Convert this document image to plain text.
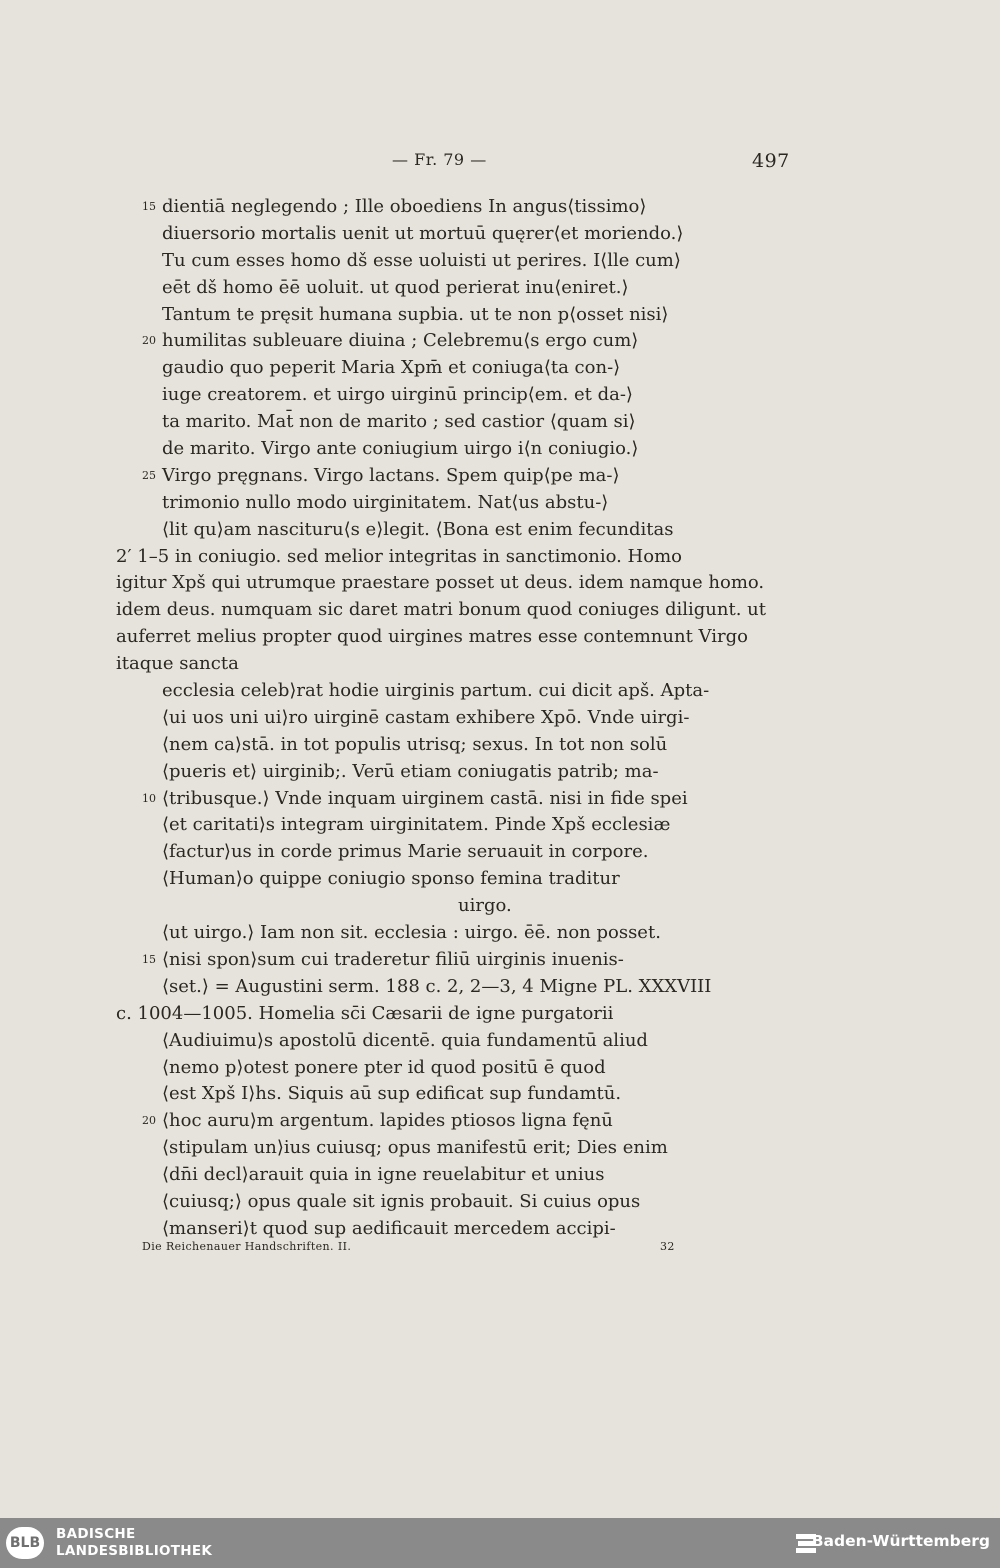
— Fr. 79 —	497
15 dientiā neglegendo ; Ille oboediens In angus⟨tissimo⟩
diuersorio mortalis uenit ut mortuū quęrer⟨et moriendo.⟩
Tu cum esses homo dš esse uoluisti ut perires. I⟨lle cum⟩
eēt dš homo ēē uoluit. ut quod perierat inu⟨eniret.⟩
Tantum te pręsit humana supbia. ut te non p⟨osset nisi⟩
20 humilitas subleuare diuina ; Celebremu⟨s ergo cum⟩
gaudio quo peperit Maria Xpm̄ et coniuga⟨ta con-⟩
iuge creatorem. et uirgo uirginū princip⟨em. et da-⟩
ta marito. Mat̄ non de marito ; sed castior ⟨quam si⟩
de marito. Virgo ante coniugium uirgo i⟨n coniugio.⟩
25 Virgo pręgnans. Virgo lactans. Spem quip⟨pe ma-⟩
trimonio nullo modo uirginitatem. Nat⟨us abstu-⟩
⟨lit qu⟩am nascituru⟨s e⟩legit. ⟨Bona est enim fecunditas
2′ 1–5 in coniugio. sed melior integritas in sanctimonio. Homo
igitur Xpš qui utrumque praestare posset ut deus. idem namque homo.
idem deus. numquam sic daret matri bonum quod coniuges diligunt. ut
auferret melius propter quod uirgines matres esse contemnunt Virgo
itaque sancta
ecclesia celeb⟩rat hodie uirginis partum. cui dicit apš. Apta-
⟨ui uos uni ui⟩ro uirginē castam exhibere Xpō. Vnde uirgi-
⟨nem ca⟩stā. in tot populis utrisq; sexus. In tot non solū
⟨pueris et⟩ uirginib;. Verū etiam coniugatis patrib; ma-
10 ⟨tribusque.⟩ Vnde inquam uirginem castā. nisi in fide spei
⟨et caritati⟩s integram uirginitatem. Pinde Xpš ecclesiæ
⟨factur⟩us in corde primus Marie seruauit in corpore.
⟨Human⟩o quippe coniugio sponso femina traditur
uirgo.
⟨ut uirgo.⟩ Iam non sit. ecclesia : uirgo. ēē. non posset.
15 ⟨nisi spon⟩sum cui traderetur filiū uirginis inuenis-
⟨set.⟩ = Augustini serm. 188 c. 2, 2—3, 4 Migne PL. XXXVIII
c. 1004—1005. Homelia sc̄i Cæsarii de igne purgatorii
⟨Audiuimu⟩s apostolū dicentē. quia fundamentū aliud
⟨nemo p⟩otest ponere pter id quod positū ē quod
⟨est Xpš I⟩hs. Siquis aū sup edificat sup fundamtū.
20 ⟨hoc auru⟩m argentum. lapides ptiosos ligna fęnū
⟨stipulam un⟩ius cuiusq; opus manifestū erit; Dies enim
⟨dn̄i decl⟩arauit quia in igne reuelabitur et unius
⟨cuiusq;⟩ opus quale sit ignis probauit. Si cuius opus
⟨manseri⟩t quod sup aedificauit mercedem accipi-
Die Reichenauer Handschriften. II.	32
BLB
BADISCHE
LANDESBIBLIOTHEK
Baden-Württemberg
